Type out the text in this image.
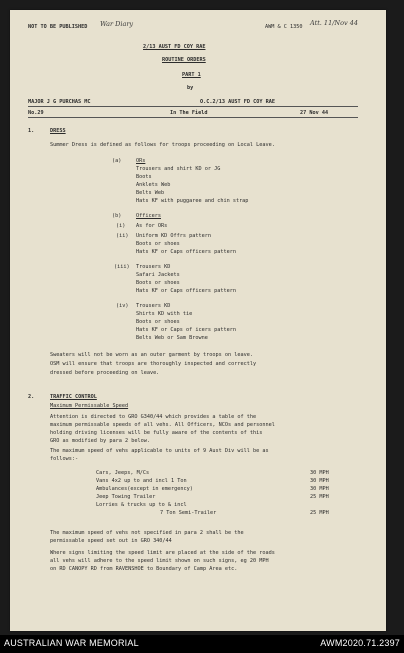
NOT TO BE PUBLISHED War Diary	AWM & C 1350 Att. 11/Nov 44
2/13 AUST FD COY RAE
ROUTINE ORDERS
PART 1
by
MAJOR J G PURCHAS MC	O.C.2/13 AUST FD COY RAE
No.29	In The Field	27 Nov 44
1.	DRESS
Summer Dress is defined as follows for troops proceeding on Local Leave.
(a)	ORs
Trousers and shirt KD or JG
Boots
Anklets Web
Belts Web
Hats KF with puggaree and chin strap
(b)	Officers
(i) As for ORs
(ii) Uniform KD Offrs pattern
Boots or shoes
Hats KF or Caps officers pattern
(iii) Trousers KD
Safari Jackets
Boots or shoes
Hats KF or Caps officers pattern
(iv) Trousers KD
Shirts KD with tie
Boots or shoes
Hats KF or Caps of icers pattern
Belts Web or Sam Browne
Sweaters will not be worn as an outer garment by troops on leave.
OSM will ensure that troops are thoroughly inspected and correctly
dressed before proceeding on leave.
2.	TRAFFIC CONTROL
Maximum Permissable Speed
Attention is directed to GRO G340/44 which provides a table of the
maximum permissable speeds of all vehs. All Officers, NCOs and personnel
holding driving licenses will be fully aware of the contents of this
GRO as modified by para 2 below.
The maximum speed of vehs applicable to units of 9 Aust Div will be as
follows:-
Cars, Jeeps, M/Cs	30 MPH
Vans 4x2 up to and incl 1 Ton	30 MPH
Ambulances(except in emergency)	30 MPH
Jeep Towing Trailer	25 MPH
Lorries & trucks up to & incl
7 Ton Semi-Trailer	25 MPH
The maximum speed of vehs not specified in para 2 shall be the
permissable speed set out in GRO 340/44
Where signs limiting the speed limit are placed at the side of the roads
all vehs will adhere to the speed limit shown on such signs, eg 20 MPH
on RD CANOPY RD from RAVENSHOE to Boundary of Camp Area etc.
AUSTRALIAN WAR MEMORIAL	AWM2020.71.2397
